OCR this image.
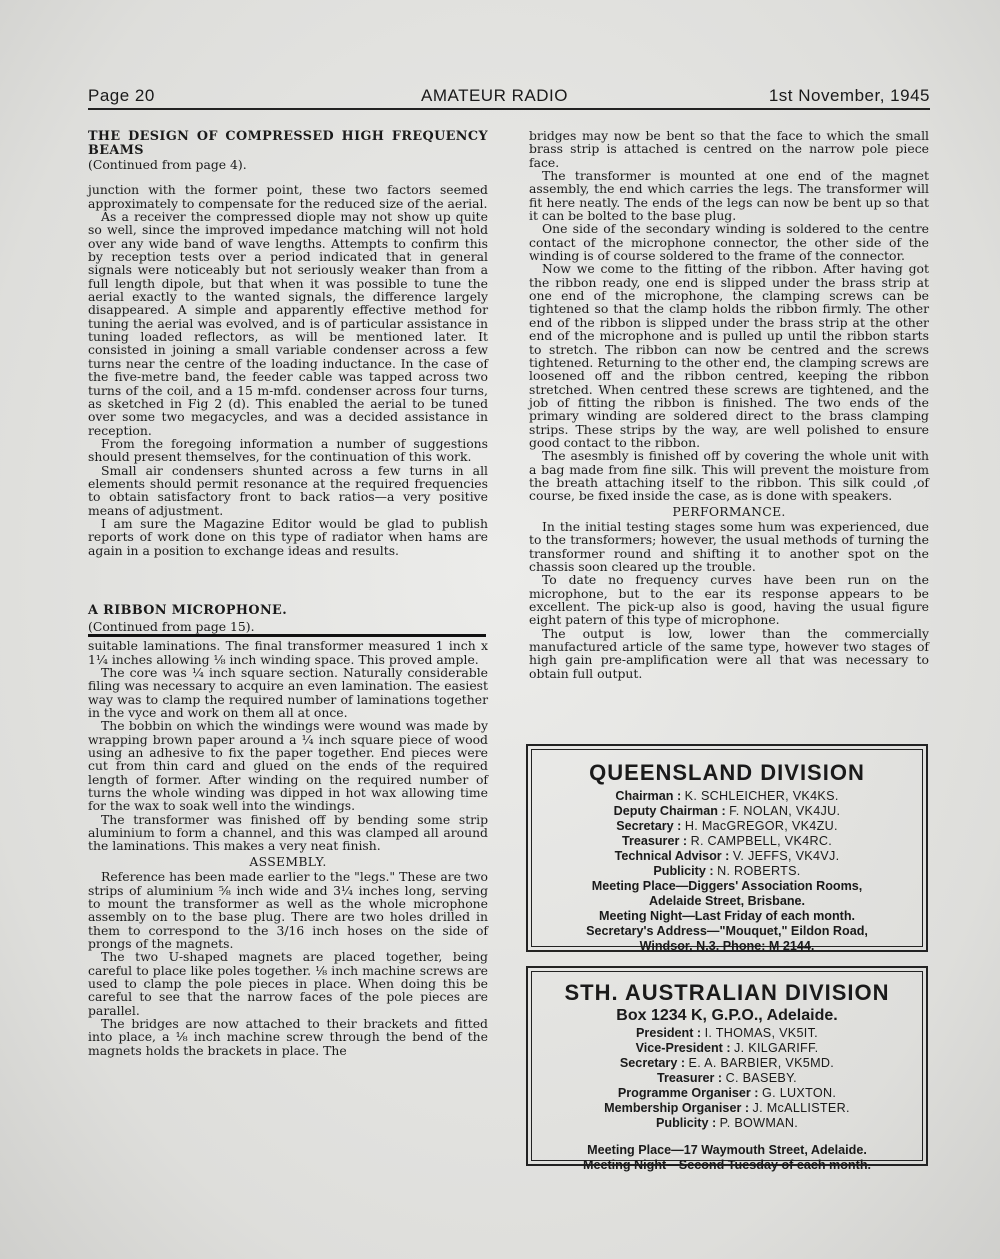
Page 20	AMATEUR RADIO	1st November, 1945
THE DESIGN OF COMPRESSED HIGH FREQUENCY BEAMS

(Continued from page 4).

junction with the former point, these two factors seemed approximately to compensate for the reduced size of the aerial.

As a receiver the compressed diople may not show up quite so well, since the improved impedance matching will not hold over any wide band of wave lengths. Attempts to confirm this by reception tests over a period indicated that in general signals were noticeably but not seriously weaker than from a full length dipole, but that when it was possible to tune the aerial exactly to the wanted signals, the difference largely disappeared. A simple and apparently effective method for tuning the aerial was evolved, and is of particular assistance in tuning loaded reflectors, as will be mentioned later. It consisted in joining a small variable condenser across a few turns near the centre of the loading inductance. In the case of the five-metre band, the feeder cable was tapped across two turns of the coil, and a 15 m-mfd. condenser across four turns, as sketched in Fig 2 (d). This enabled the aerial to be tuned over some two megacycles, and was a decided assistance in reception.

From the foregoing information a number of suggestions should present themselves, for the continuation of this work.

Small air condensers shunted across a few turns in all elements should permit resonance at the required frequencies to obtain satisfactory front to back ratios—a very positive means of adjustment.

I am sure the Magazine Editor would be glad to publish reports of work done on this type of radiator when hams are again in a position to exchange ideas and results.

A RIBBON MICROPHONE.

(Continued from page 15).

suitable laminations. The final transformer measured 1 inch x 1¼ inches allowing ⅛ inch winding space. This proved ample.

The core was ¼ inch square section. Naturally considerable filing was necessary to acquire an even lamination. The easiest way was to clamp the required number of laminations together in the vyce and work on them all at once.

The bobbin on which the windings were wound was made by wrapping brown paper around a ¼ inch square piece of wood using an adhesive to fix the paper together. End pieces were cut from thin card and glued on the ends of the required length of former. After winding on the required number of turns the whole winding was dipped in hot wax allowing time for the wax to soak well into the windings.

The transformer was finished off by bending some strip aluminium to form a channel, and this was clamped all around the laminations. This makes a very neat finish.

ASSEMBLY.

Reference has been made earlier to the "legs." These are two strips of aluminium ⅝ inch wide and 3¼ inches long, serving to mount the transformer as well as the whole microphone assembly on to the base plug. There are two holes drilled in them to correspond to the 3/16 inch hoses on the side of prongs of the magnets.

The two U-shaped magnets are placed together, being careful to place like poles together. ⅛ inch machine screws are used to clamp the pole pieces in place. When doing this be careful to see that the narrow faces of the pole pieces are parallel.

The bridges are now attached to their brackets and fitted into place, a ⅛ inch machine screw through the bend of the magnets holds the brackets in place. The

bridges may now be bent so that the face to which the small brass strip is attached is centred on the narrow pole piece face.

The transformer is mounted at one end of the magnet assembly, the end which carries the legs. The transformer will fit here neatly. The ends of the legs can now be bent up so that it can be bolted to the base plug.

One side of the secondary winding is soldered to the centre contact of the microphone connector, the other side of the winding is of course soldered to the frame of the connector.

Now we come to the fitting of the ribbon. After having got the ribbon ready, one end is slipped under the brass strip at one end of the microphone, the clamping screws can be tightened so that the clamp holds the ribbon firmly. The other end of the ribbon is slipped under the brass strip at the other end of the microphone and is pulled up until the ribbon starts to stretch. The ribbon can now be centred and the screws tightened. Returning to the other end, the clamping screws are loosened off and the ribbon centred, keeping the ribbon stretched. When centred these screws are tightened, and the job of fitting the ribbon is finished. The two ends of the primary winding are soldered direct to the brass clamping strips. These strips by the way, are well polished to ensure good contact to the ribbon.

The asesmbly is finished off by covering the whole unit with a bag made from fine silk. This will prevent the moisture from the breath attaching itself to the ribbon. This silk could ,of course, be fixed inside the case, as is done with speakers.

PERFORMANCE.

In the initial testing stages some hum was experienced, due to the transformers; however, the usual methods of turning the transformer round and shifting it to another spot on the chassis soon cleared up the trouble.

To date no frequency curves have been run on the microphone, but to the ear its response appears to be excellent. The pick-up also is good, having the usual figure eight patern of this type of microphone.

The output is low, lower than the commercially manufactured article of the same type, however two stages of high gain pre-amplification were all that was necessary to obtain full output.

QUEENSLAND DIVISION
Chairman : K. SCHLEICHER, VK4KS.
Deputy Chairman : F. NOLAN, VK4JU.
Secretary : H. MacGREGOR, VK4ZU.
Treasurer : R. CAMPBELL, VK4RC.
Technical Advisor : V. JEFFS, VK4VJ.
Publicity : N. ROBERTS.
Meeting Place—Diggers' Association Rooms,
Adelaide Street, Brisbane.
Meeting Night—Last Friday of each month.
Secretary's Address—"Mouquet," Eildon Road,
Windsor, N.3. Phone: M 2144.
STH. AUSTRALIAN DIVISION
Box 1234 K, G.P.O., Adelaide.
President : I. THOMAS, VK5IT.
Vice-President : J. KILGARIFF.
Secretary : E. A. BARBIER, VK5MD.
Treasurer : C. BASEBY.
Programme Organiser : G. LUXTON.
Membership Organiser : J. McALLISTER.
Publicity : P. BOWMAN.
Meeting Place—17 Waymouth Street, Adelaide.
Meeting Night—Second Tuesday of each month.
